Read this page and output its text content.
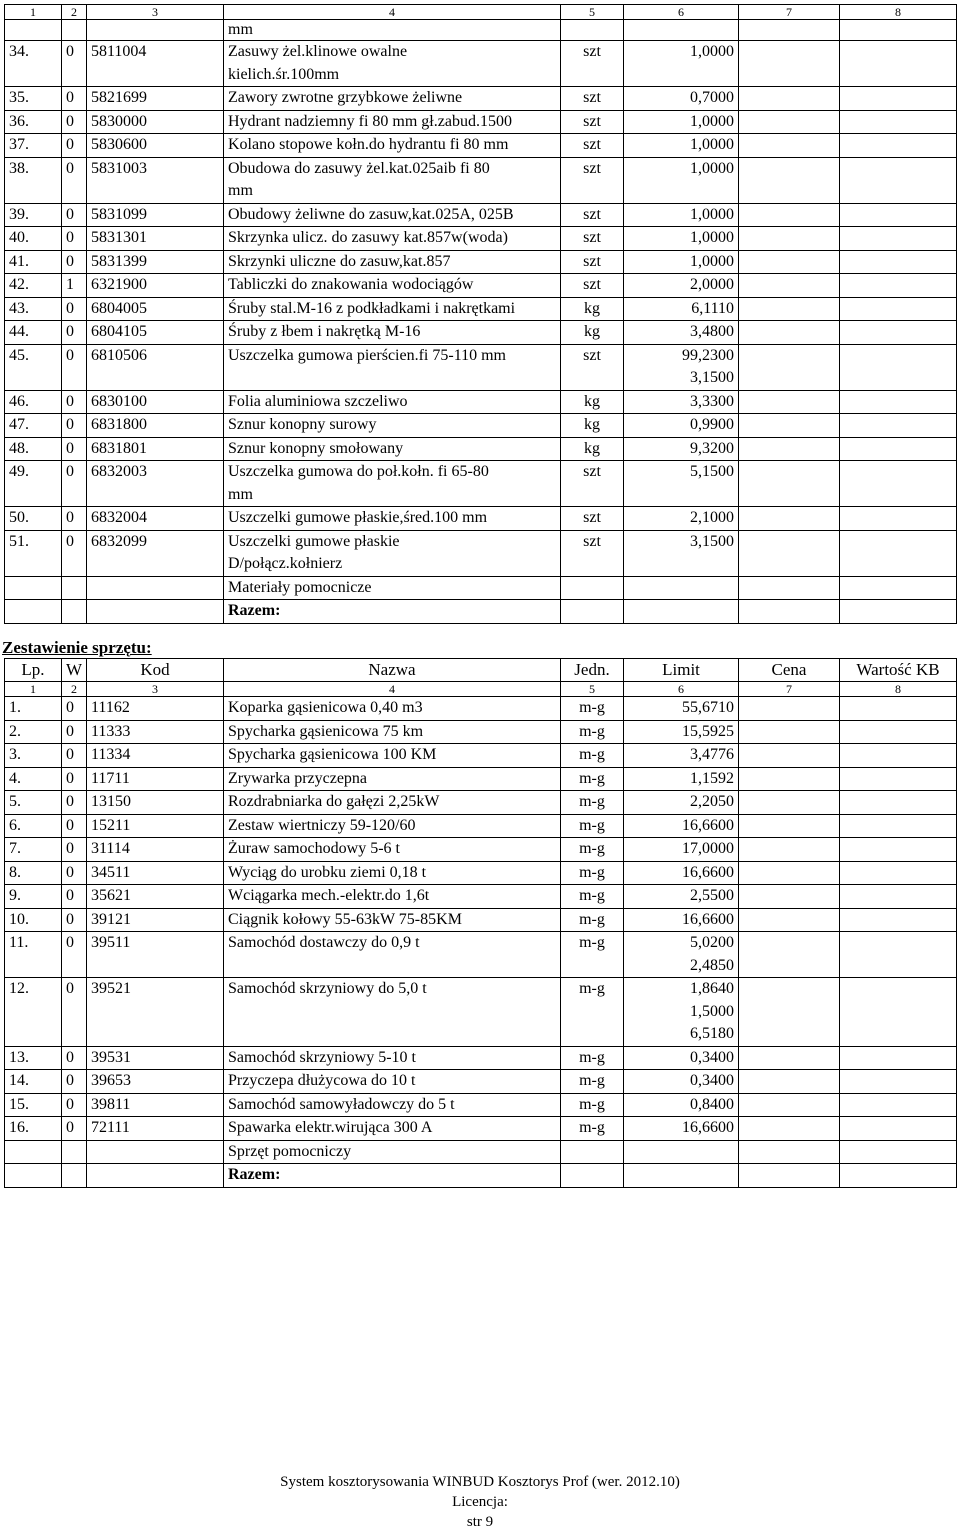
1	2	3	4	5	6	7	8
			mm				

34.	0	5811004	Zasuwy żel.klinowe owalne
kielich.śr.100mm	szt	1,0000		

35.	0	5821699	Zawory zwrotne grzybkowe żeliwne	szt	0,7000		

36.	0	5830000	Hydrant nadziemny fi 80 mm gł.zabud.1500	szt	1,0000		

37.	0	5830600	Kolano stopowe kołn.do hydrantu fi 80 mm	szt	1,0000		

38.	0	5831003	Obudowa do zasuwy żel.kat.025aib fi 80
mm	szt	1,0000		

39.	0	5831099	Obudowy żeliwne do zasuw,kat.025A, 025B	szt	1,0000		

40.	0	5831301	Skrzynka ulicz. do zasuwy kat.857w(woda)	szt	1,0000		

41.	0	5831399	Skrzynki uliczne do zasuw,kat.857	szt	1,0000		

42.	1	6321900	Tabliczki do znakowania wodociągów	szt	2,0000		

43.	0	6804005	Śruby stal.M-16 z podkładkami i nakrętkami	kg	6,1110		

44.	0	6804105	Śruby z łbem i nakrętką M-16	kg	3,4800		

45.	0	6810506	Uszczelka gumowa pierścien.fi 75-110 mm	szt	99,2300
3,1500		

46.	0	6830100	Folia aluminiowa szczeliwo	kg	3,3300		

47.	0	6831800	Sznur konopny surowy	kg	0,9900		

48.	0	6831801	Sznur konopny smołowany	kg	9,3200		

49.	0	6832003	Uszczelka gumowa do poł.kołn. fi 65-80
mm	szt	5,1500		

50.	0	6832004	Uszczelki gumowe płaskie,śred.100 mm	szt	2,1000		

51.	0	6832099	Uszczelki gumowe płaskie
D/połącz.kołnierz	szt	3,1500		

			Materiały pomocnicze				
			Razem:				
Zestawienie sprzętu:
Lp.	W	Kod	Nazwa	Jedn.	Limit	Cena	Wartość KB
1	2	3	4	5	6	7	8

1.	0	11162	Koparka gąsienicowa 0,40 m3	m-g	55,6710		

2.	0	11333	Spycharka gąsienicowa 75 km	m-g	15,5925		

3.	0	11334	Spycharka gąsienicowa 100 KM	m-g	3,4776		

4.	0	11711	Zrywarka przyczepna	m-g	1,1592		

5.	0	13150	Rozdrabniarka do gałęzi 2,25kW	m-g	2,2050		

6.	0	15211	Zestaw wiertniczy 59-120/60	m-g	16,6600		

7.	0	31114	Żuraw samochodowy 5-6 t	m-g	17,0000		

8.	0	34511	Wyciąg do urobku ziemi 0,18 t	m-g	16,6600		

9.	0	35621	Wciągarka mech.-elektr.do 1,6t	m-g	2,5500		

10.	0	39121	Ciągnik kołowy 55-63kW 75-85KM	m-g	16,6600		

11.	0	39511	Samochód dostawczy do 0,9 t	m-g	5,0200
2,4850		

12.	0	39521	Samochód skrzyniowy do 5,0 t	m-g	1,8640
1,5000
6,5180		

13.	0	39531	Samochód skrzyniowy 5-10 t	m-g	0,3400		

14.	0	39653	Przyczepa dłużycowa do 10 t	m-g	0,3400		

15.	0	39811	Samochód samowyładowczy do 5 t	m-g	0,8400		

16.	0	72111	Spawarka elektr.wirująca 300 A	m-g	16,6600		

			Sprzęt pomocniczy				
			Razem:				
System kosztorysowania WINBUD Kosztorys Prof (wer. 2012.10)
Licencja:
str 9
